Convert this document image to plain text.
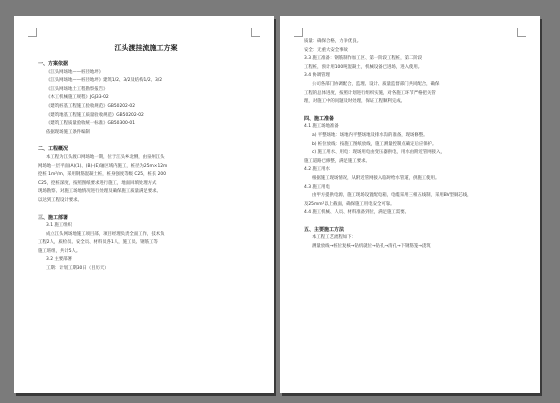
江头渡挂流施工方案
一、方案依据
《江头网场地——桩径地坪》
《江头网场地——桩径地坪》建筑1/2、3/2及结构1/2、3/2
《江头网场地土工程勘察报告》
《木工机械施工规程》JGJ33-02
《建筑桩基工程施工验收规范》GB50202-02
《建筑地基工程施工质量验收规范》GB50202-02
《建筑工程质量验收统一标准》GB50300-01
依据现场施工条件编制
二、工程概况
本工程为江头渡口网场地一期，位于江头乡北侧，由泉州江头
网场地一层平面(A)(1)、(B)-(E)轴区域内施工，桩径为25m×12m
挖桩 1m²/m，采用钢筋混凝土桩，桩身强度等级 C25，桩长 200
C25，挖桩深度，按照图纸要求进行施工，地面回填处理方式
现场勘察、对施工场地情况进行处理及确保施工质量满足要求。
以达到工程设计要求。
三、施工部署
3.1 施工组织
成立江头网场地施工项目部，项目经理负责全面工作，技术负
工程2人，质检员、安全员、材料员各1人，施工员、钢筋工等
施工班组，共计5人。
3.2 主要部署
工期：计划工期30日（目历天）
质量：确保合格，力争优良。
安全：无重大安全事故
3.3 施工准备：钢筋制作加工区、第一阶段工程桩，第二阶段
工程桩，预计用100吨混凝土，机械设备已进场，进入使用。
3.4 协调管理
公司各部门协调配合，监理、设计、质量监督部门共同配合，确保
工程的总体进度，按照计划进行组织实施，对各施工环节严格把关管
理，对施工中的问题及时处理，保证工程顺利完成。
四、施工准备
4.1 施工场地准备
a) 平整场地：场地内平整场地及排水沟的准备，现场修整。
b) 桩位放线：按施工图纸放线，施工测量控制点确定后应保护。
c) 施工用水、用电：现场用电由变压器供电，用水由附近管网接入，
施工道路已修整，满足施工要求。
4.2 施工用水
根据施工现场情况，从附近管网接入临时给水管道，供施工使用。
4.3 施工用电
由甲方提供电源，施工现场设置配电箱，电缆采用三相五线制，采用BV型铜芯线，
及25mm²以上截面，确保施工用电安全可靠。
4.4 施工机械、人员、材料准备到位，满足施工需要。
五、主要施工方法
本工程工艺流程如下：
测量放线→桩位复核→钻机就位→钻孔→清孔→下钢筋笼→浇筑
